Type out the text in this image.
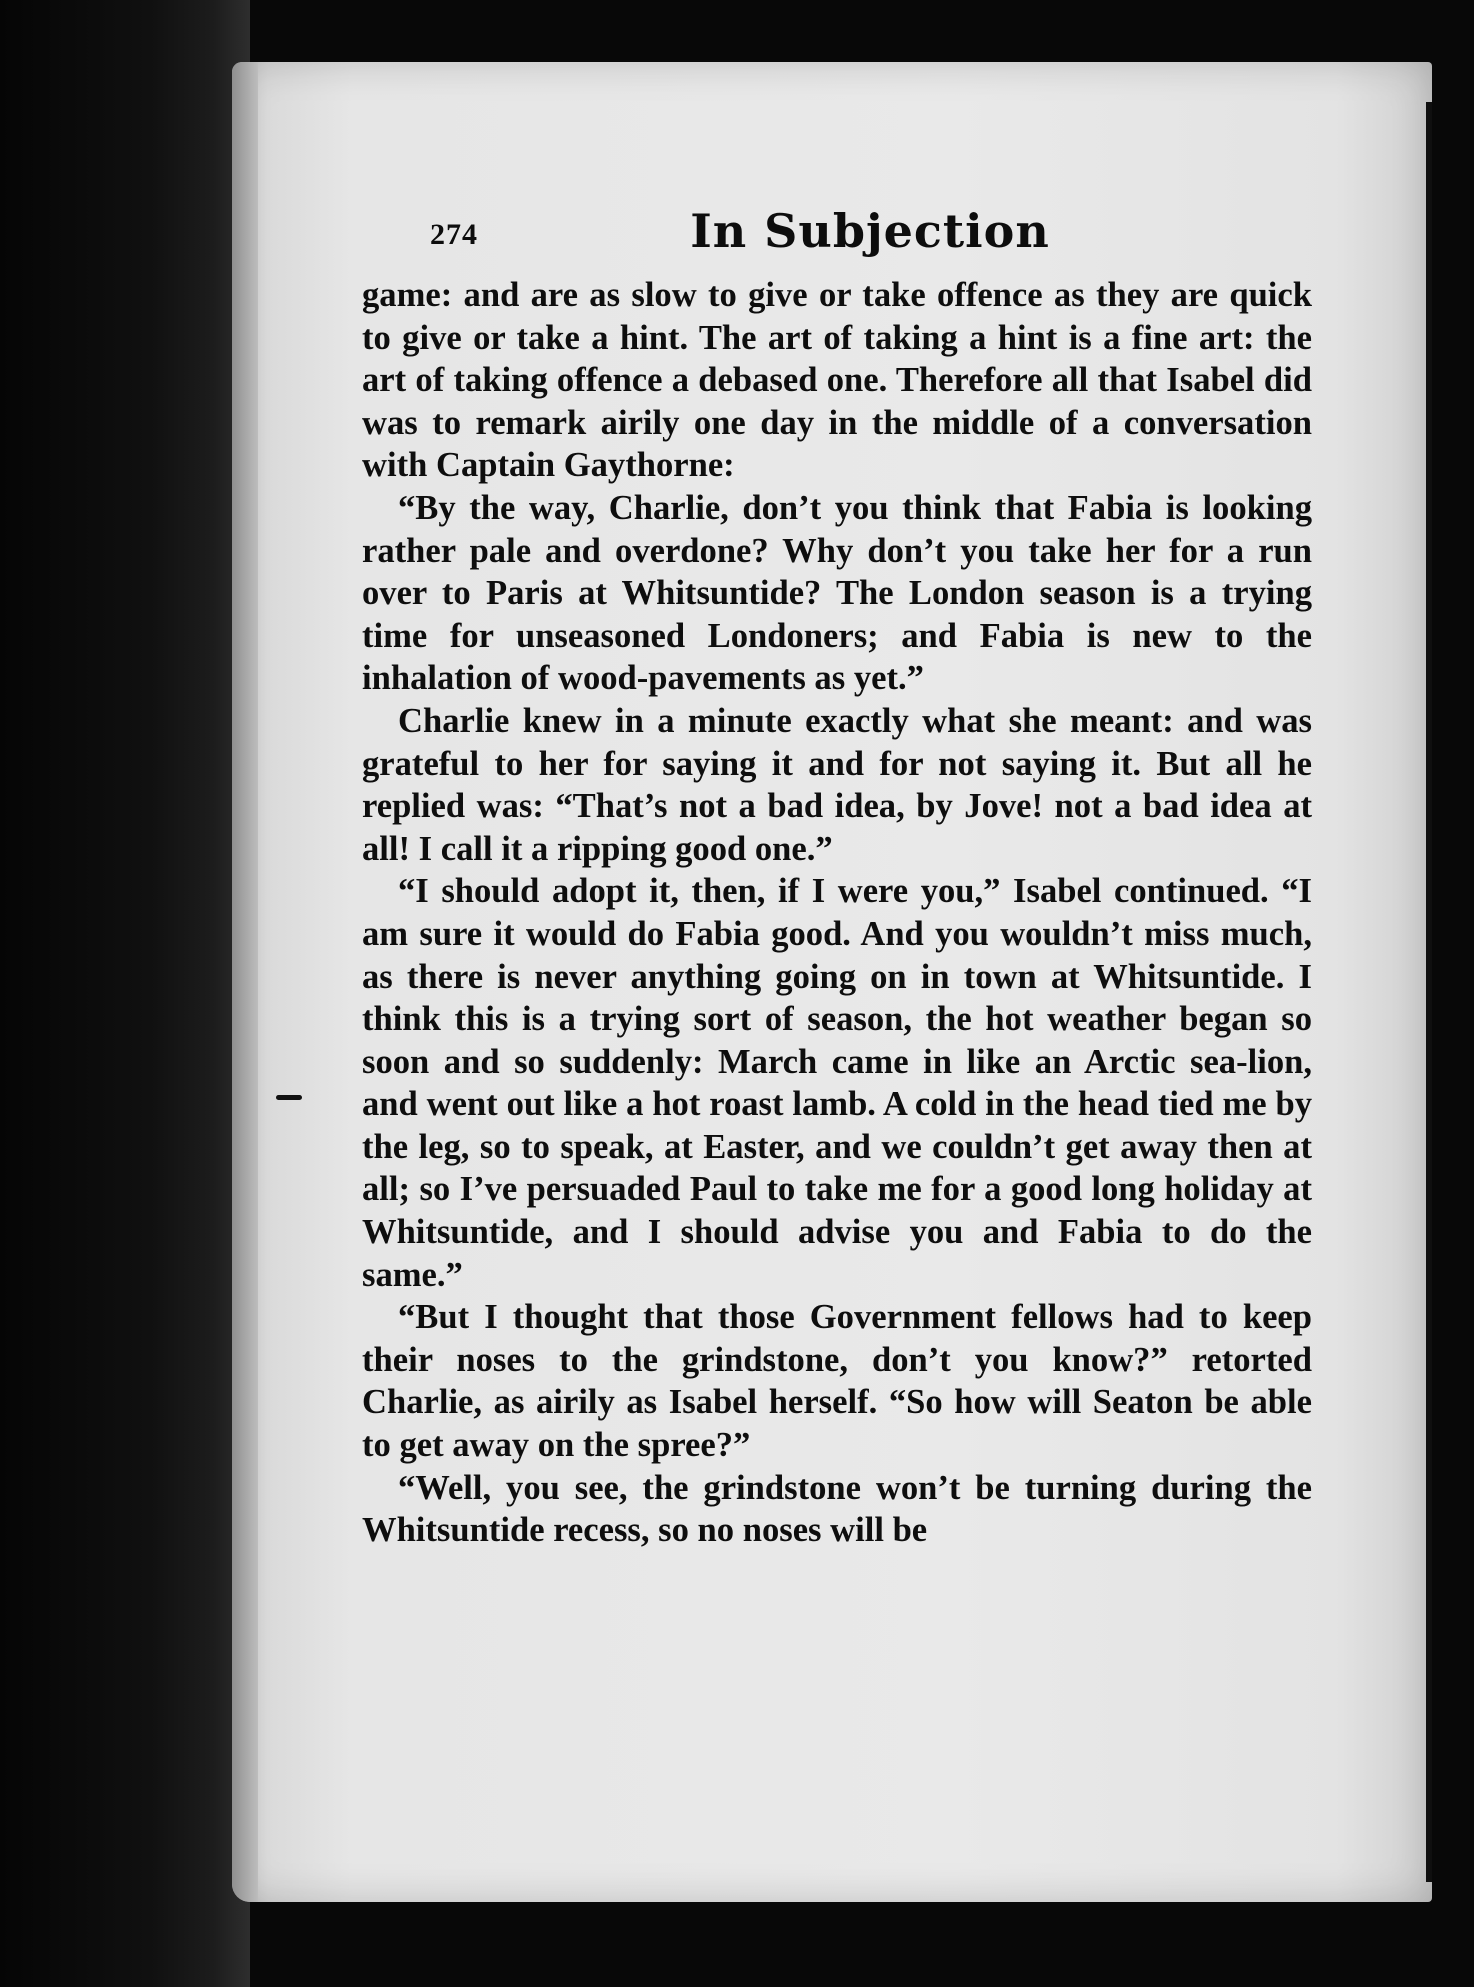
274	In Subjection

game: and are as slow to give or take offence as they are quick to give or take a hint. The art of taking a hint is a fine art: the art of taking offence a debased one. Therefore all that Isabel did was to remark airily one day in the middle of a conversation with Captain Gaythorne:

“By the way, Charlie, don’t you think that Fabia is looking rather pale and overdone? Why don’t you take her for a run over to Paris at Whitsuntide? The London season is a trying time for unseasoned Londoners; and Fabia is new to the inhalation of wood-pavements as yet.”

Charlie knew in a minute exactly what she meant: and was grateful to her for saying it and for not saying it. But all he replied was: “That’s not a bad idea, by Jove! not a bad idea at all! I call it a ripping good one.”

“I should adopt it, then, if I were you,” Isabel continued. “I am sure it would do Fabia good. And you wouldn’t miss much, as there is never anything going on in town at Whitsuntide. I think this is a trying sort of season, the hot weather began so soon and so suddenly: March came in like an Arctic sea-lion, and went out like a hot roast lamb. A cold in the head tied me by the leg, so to speak, at Easter, and we couldn’t get away then at all; so I’ve persuaded Paul to take me for a good long holiday at Whitsuntide, and I should advise you and Fabia to do the same.”

“But I thought that those Government fellows had to keep their noses to the grindstone, don’t you know?” retorted Charlie, as airily as Isabel herself. “So how will Seaton be able to get away on the spree?”

“Well, you see, the grindstone won’t be turning during the Whitsuntide recess, so no noses will be
